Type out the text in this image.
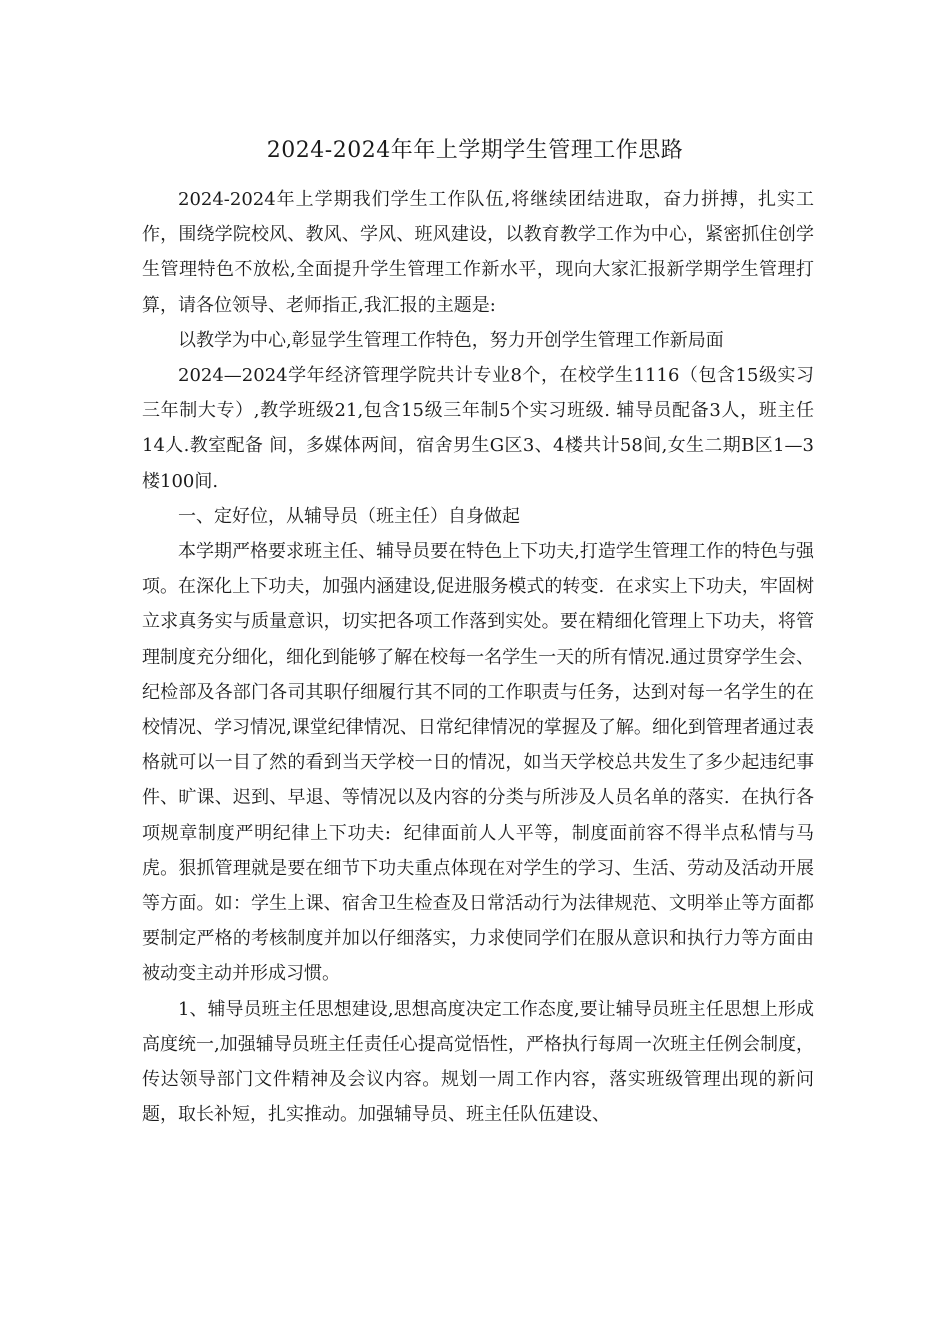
2024-2024年年上学期学生管理工作思路

2024-2024年上学期我们学生工作队伍,将继续团结进取，奋力拼搏，扎实工作，围绕学院校风、教风、学风、班风建设，以教育教学工作为中心，紧密抓住创学生管理特色不放松,全面提升学生管理工作新水平，现向大家汇报新学期学生管理打算，请各位领导、老师指正,我汇报的主题是:

以教学为中心,彰显学生管理工作特色，努力开创学生管理工作新局面

2024—2024学年经济管理学院共计专业8个，在校学生1116（包含15级实习三年制大专）,教学班级21,包含15级三年制5个实习班级. 辅导员配备3人，班主任14人.教室配备 间，多媒体两间，宿舍男生G区3、4楼共计58间,女生二期B区1—3楼100间.

一、定好位，从辅导员（班主任）自身做起

本学期严格要求班主任、辅导员要在特色上下功夫,打造学生管理工作的特色与强项。在深化上下功夫，加强内涵建设,促进服务模式的转变.  在求实上下功夫，牢固树立求真务实与质量意识，切实把各项工作落到实处。要在精细化管理上下功夫，将管理制度充分细化，细化到能够了解在校每一名学生一天的所有情况.通过贯穿学生会、纪检部及各部门各司其职仔细履行其不同的工作职责与任务，达到对每一名学生的在校情况、学习情况,课堂纪律情况、日常纪律情况的掌握及了解。细化到管理者通过表格就可以一目了然的看到当天学校一日的情况，如当天学校总共发生了多少起违纪事件、旷课、迟到、早退、等情况以及内容的分类与所涉及人员名单的落实.  在执行各项规章制度严明纪律上下功夫:  纪律面前人人平等，制度面前容不得半点私情与马虎。狠抓管理就是要在细节下功夫重点体现在对学生的学习、生活、劳动及活动开展等方面。如：学生上课、宿舍卫生检查及日常活动行为法律规范、文明举止等方面都要制定严格的考核制度并加以仔细落实，力求使同学们在服从意识和执行力等方面由被动变主动并形成习惯。

1、辅导员班主任思想建设,思想高度决定工作态度,要让辅导员班主任思想上形成高度统一,加强辅导员班主任责任心提高觉悟性，严格执行每周一次班主任例会制度，传达领导部门文件精神及会议内容。规划一周工作内容，落实班级管理出现的新问题，取长补短，扎实推动。加强辅导员、班主任队伍建设、
